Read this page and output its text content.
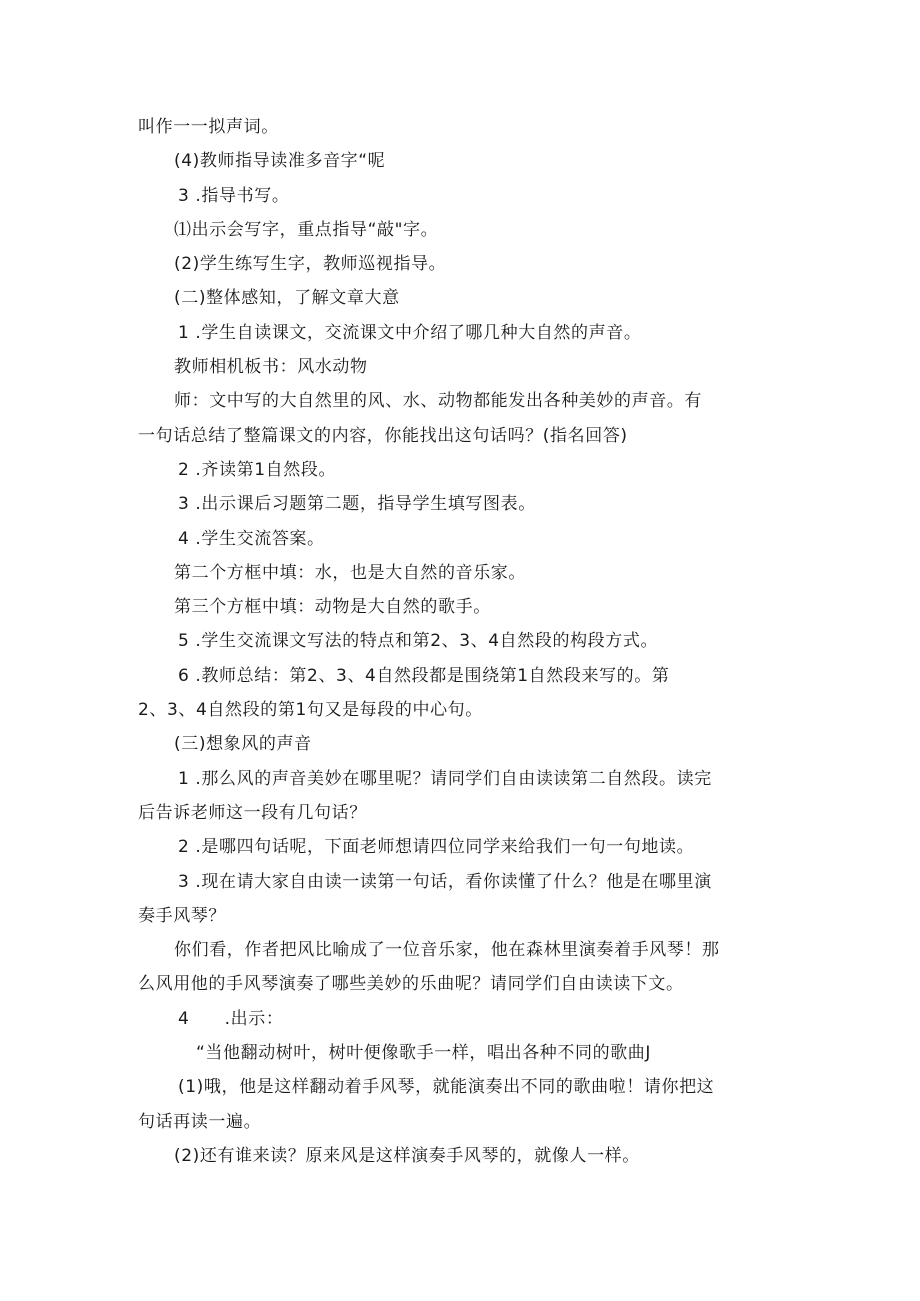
叫作一一拟声词。
(4)教师指导读准多音字“呢
3 .指导书写。
⑴出示会写字，重点指导“敲"字。
(2)学生练写生字，教师巡视指导。
(二)整体感知，了解文章大意
1 .学生自读课文，交流课文中介绍了哪几种大自然的声音。
教师相机板书：风水动物
师：文中写的大自然里的风、水、动物都能发出各种美妙的声音。有
一句话总结了整篇课文的内容，你能找出这句话吗？(指名回答)
2 .齐读第1自然段。
3 .出示课后习题第二题，指导学生填写图表。
4 .学生交流答案。
第二个方框中填：水，也是大自然的音乐家。
第三个方框中填：动物是大自然的歌手。
5 .学生交流课文写法的特点和第2、3、4自然段的构段方式。
6 .教师总结：第2、3、4自然段都是围绕第1自然段来写的。第
2、3、4自然段的第1句又是每段的中心句。
(三)想象风的声音
1 .那么风的声音美妙在哪里呢？请同学们自由读读第二自然段。读完
后告诉老师这一段有几句话？
2 .是哪四句话呢，下面老师想请四位同学来给我们一句一句地读。
3 .现在请大家自由读一读第一句话，看你读懂了什么？他是在哪里演
奏手风琴？
你们看，作者把风比喻成了一位音乐家，他在森林里演奏着手风琴！那
么风用他的手风琴演奏了哪些美妙的乐曲呢？请同学们自由读读下文。
4　　.出示：
“当他翻动树叶，树叶便像歌手一样，唱出各种不同的歌曲J
(1)哦，他是这样翻动着手风琴，就能演奏出不同的歌曲啦！请你把这
句话再读一遍。
(2)还有谁来读？原来风是这样演奏手风琴的，就像人一样。
